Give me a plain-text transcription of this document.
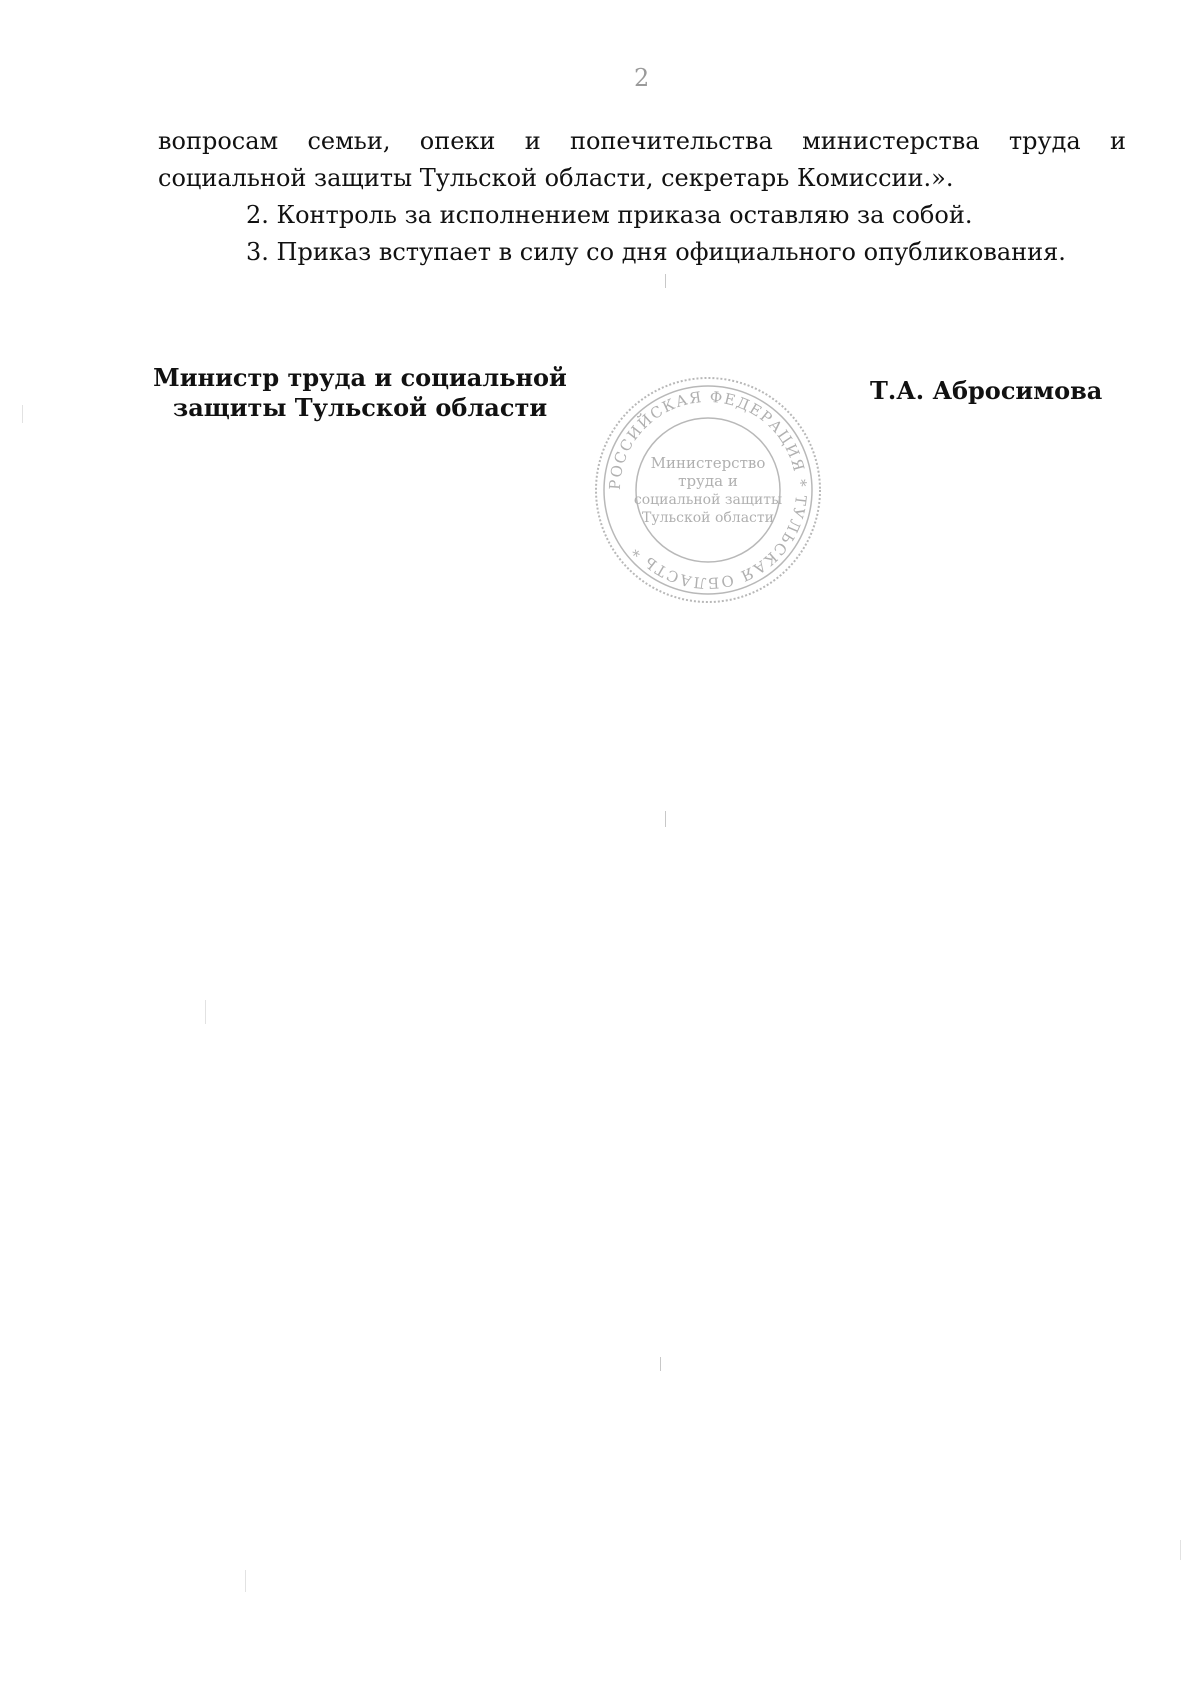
2

вопросам семьи, опеки и попечительства министерства труда и социальной защиты Тульской области, секретарь Комиссии.».

2. Контроль за исполнением приказа оставляю за собой.

3. Приказ вступает в силу со дня официального опубликования.

Министр труда и социальной
защиты Тульской области
РОССИЙСКАЯ ФЕДЕРАЦИЯ * ТУЛЬСКАЯ ОБЛАСТЬ *
Министерство
труда и
социальной защиты
Тульской области
Т.А. Абросимова
